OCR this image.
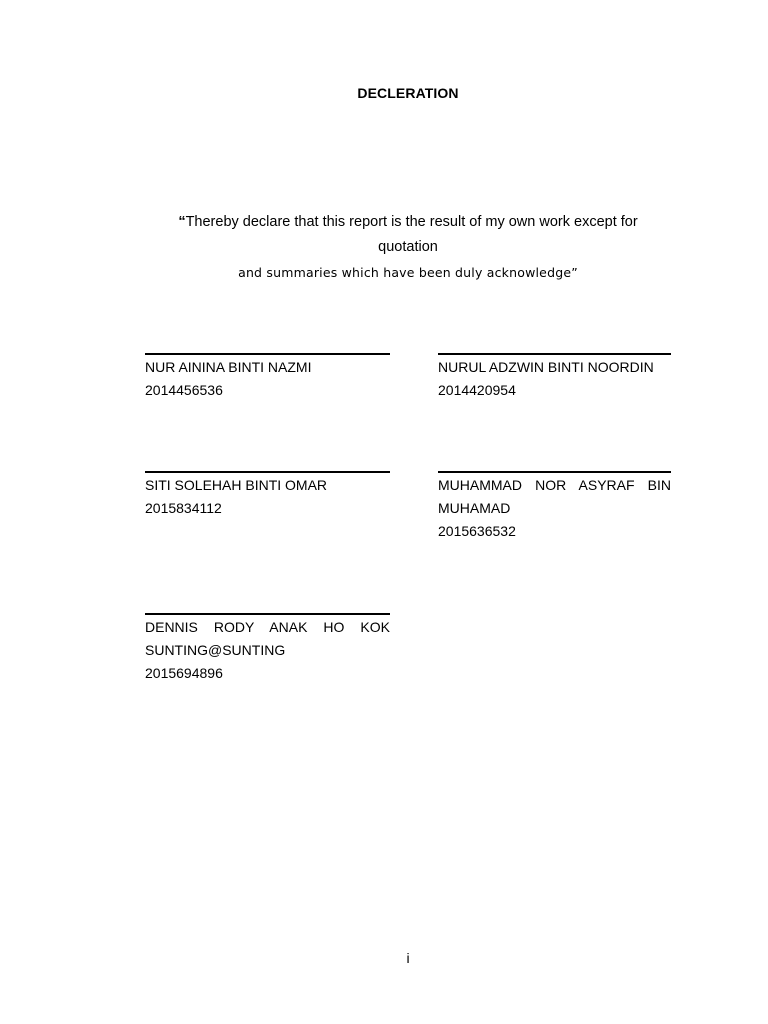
DECLERATION
“Thereby declare that this report is the result of my own work except for quotation
and summaries which have been duly acknowledge”
NUR AININA BINTI NAZMI
2014456536
NURUL ADZWIN BINTI NOORDIN
2014420954
SITI SOLEHAH BINTI OMAR
2015834112
MUHAMMAD NOR ASYRAF BIN MUHAMAD
2015636532
DENNIS RODY ANAK HO KOK SUNTING@SUNTING
2015694896
i
